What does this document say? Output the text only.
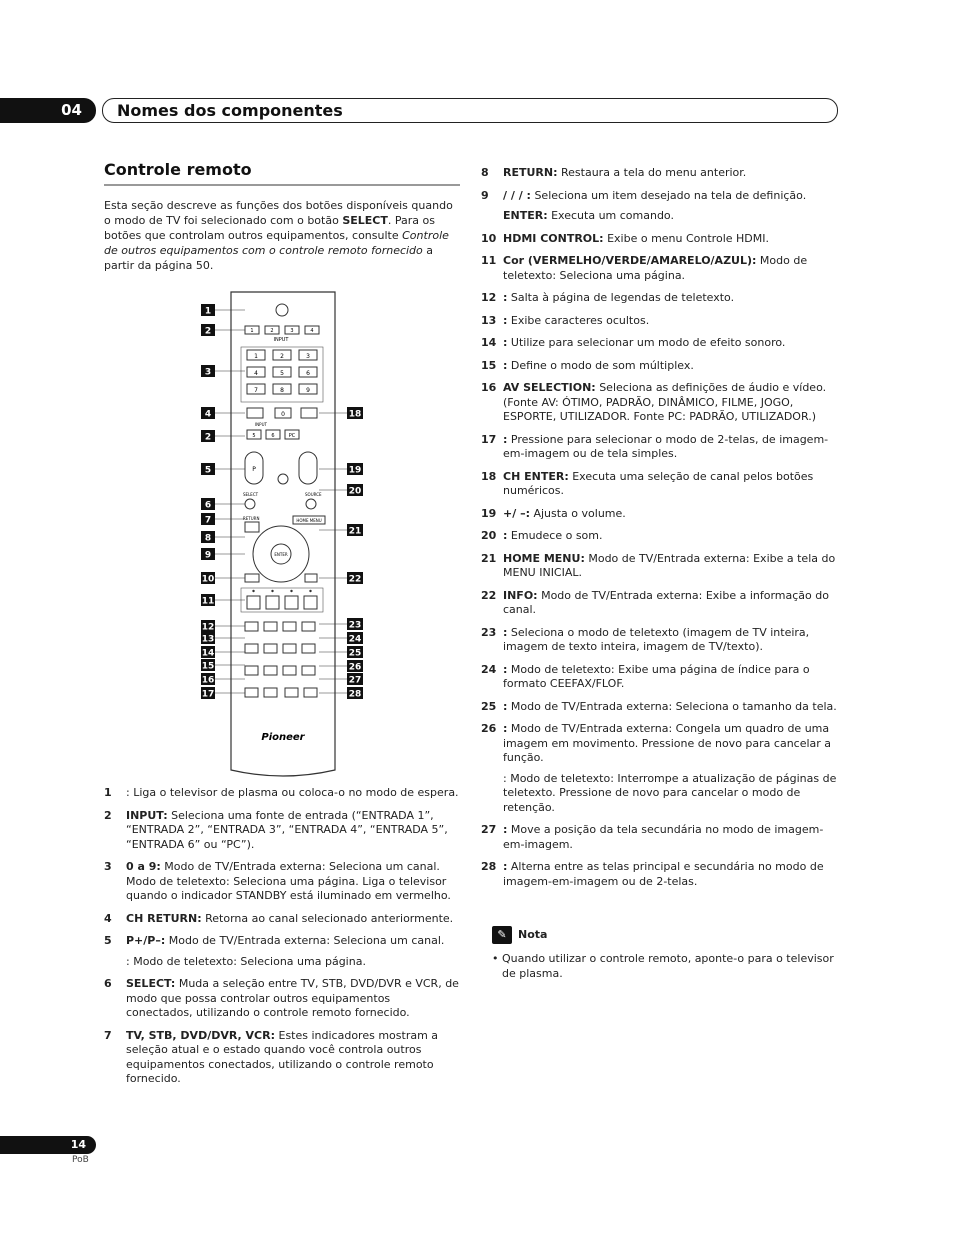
04	Nomes dos componentes
Controle remoto
Esta seção descreve as funções dos botões disponíveis quando o modo de TV foi selecionado com o botão SELECT. Para os botões que controlam outros equipamentos, consulte Controle de outros equipamentos com o controle remoto fornecido a partir da página 50.
1	2	3	4
INPUT
1	2	3
4	5	6
7	8	9
0
INPUT
5	6	PC
P
SELECT	SOURCE
RETURN	HOME MENU
ENTER
Pioneer
1
2
3
4
2
5
6
7
8
9
10
11
12
13
14
15
16
17
18
19
20
21
22
23
24
25
26
27
28
1	: Liga o televisor de plasma ou coloca-o no modo de espera.
2	INPUT: Seleciona uma fonte de entrada (“ENTRADA 1”, “ENTRADA 2”, “ENTRADA 3”, “ENTRADA 4”, “ENTRADA 5”, “ENTRADA 6” ou “PC”).
3	0 a 9: Modo de TV/Entrada externa: Seleciona um canal. Modo de teletexto: Seleciona uma página. Liga o televisor quando o indicador STANDBY está iluminado em vermelho.
4	CH RETURN: Retorna ao canal selecionado anteriormente.
5	P+/P–: Modo de TV/Entrada externa: Seleciona um canal.
: Modo de teletexto: Seleciona uma página.
6	SELECT: Muda a seleção entre TV, STB, DVD/DVR e VCR, de modo que possa controlar outros equipamentos conectados, utilizando o controle remoto fornecido.
7	TV, STB, DVD/DVR, VCR: Estes indicadores mostram a seleção atual e o estado quando você controla outros equipamentos conectados, utilizando o controle remoto fornecido.
8	RETURN: Restaura a tela do menu anterior.
9	/ / / : Seleciona um item desejado na tela de definição.
ENTER: Executa um comando.
10 HDMI CONTROL: Exibe o menu Controle HDMI.
11 Cor (VERMELHO/VERDE/AMARELO/AZUL): Modo de teletexto: Seleciona uma página.
12 : Salta à página de legendas de teletexto.
13 : Exibe caracteres ocultos.
14 : Utilize para selecionar um modo de efeito sonoro.
15 : Define o modo de som múltiplex.
16 AV SELECTION: Seleciona as definições de áudio e vídeo. (Fonte AV: ÓTIMO, PADRÃO, DINÂMICO, FILME, JOGO, ESPORTE, UTILIZADOR. Fonte PC: PADRÃO, UTILIZADOR.)
17 : Pressione para selecionar o modo de 2-telas, de imagem-em-imagem ou de tela simples.
18 CH ENTER: Executa uma seleção de canal pelos botões numéricos.
19 +/ –: Ajusta o volume.
20 : Emudece o som.
21 HOME MENU: Modo de TV/Entrada externa: Exibe a tela do MENU INICIAL.
22 INFO: Modo de TV/Entrada externa: Exibe a informação do canal.
23 : Seleciona o modo de teletexto (imagem de TV inteira, imagem de texto inteira, imagem de TV/texto).
24 : Modo de teletexto: Exibe uma página de índice para o formato CEEFAX/FLOF.
25 : Modo de TV/Entrada externa: Seleciona o tamanho da tela.
26 : Modo de TV/Entrada externa: Congela um quadro de uma imagem em movimento. Pressione de novo para cancelar a função.
: Modo de teletexto: Interrompe a atualização de páginas de teletexto. Pressione de novo para cancelar o modo de retenção.
27 : Move a posição da tela secundária no modo de imagem-em-imagem.
28 : Alterna entre as telas principal e secundária no modo de imagem-em-imagem ou de 2-telas.
✎	Nota
• Quando utilizar o controle remoto, aponte-o para o televisor de plasma.
14
PoB
